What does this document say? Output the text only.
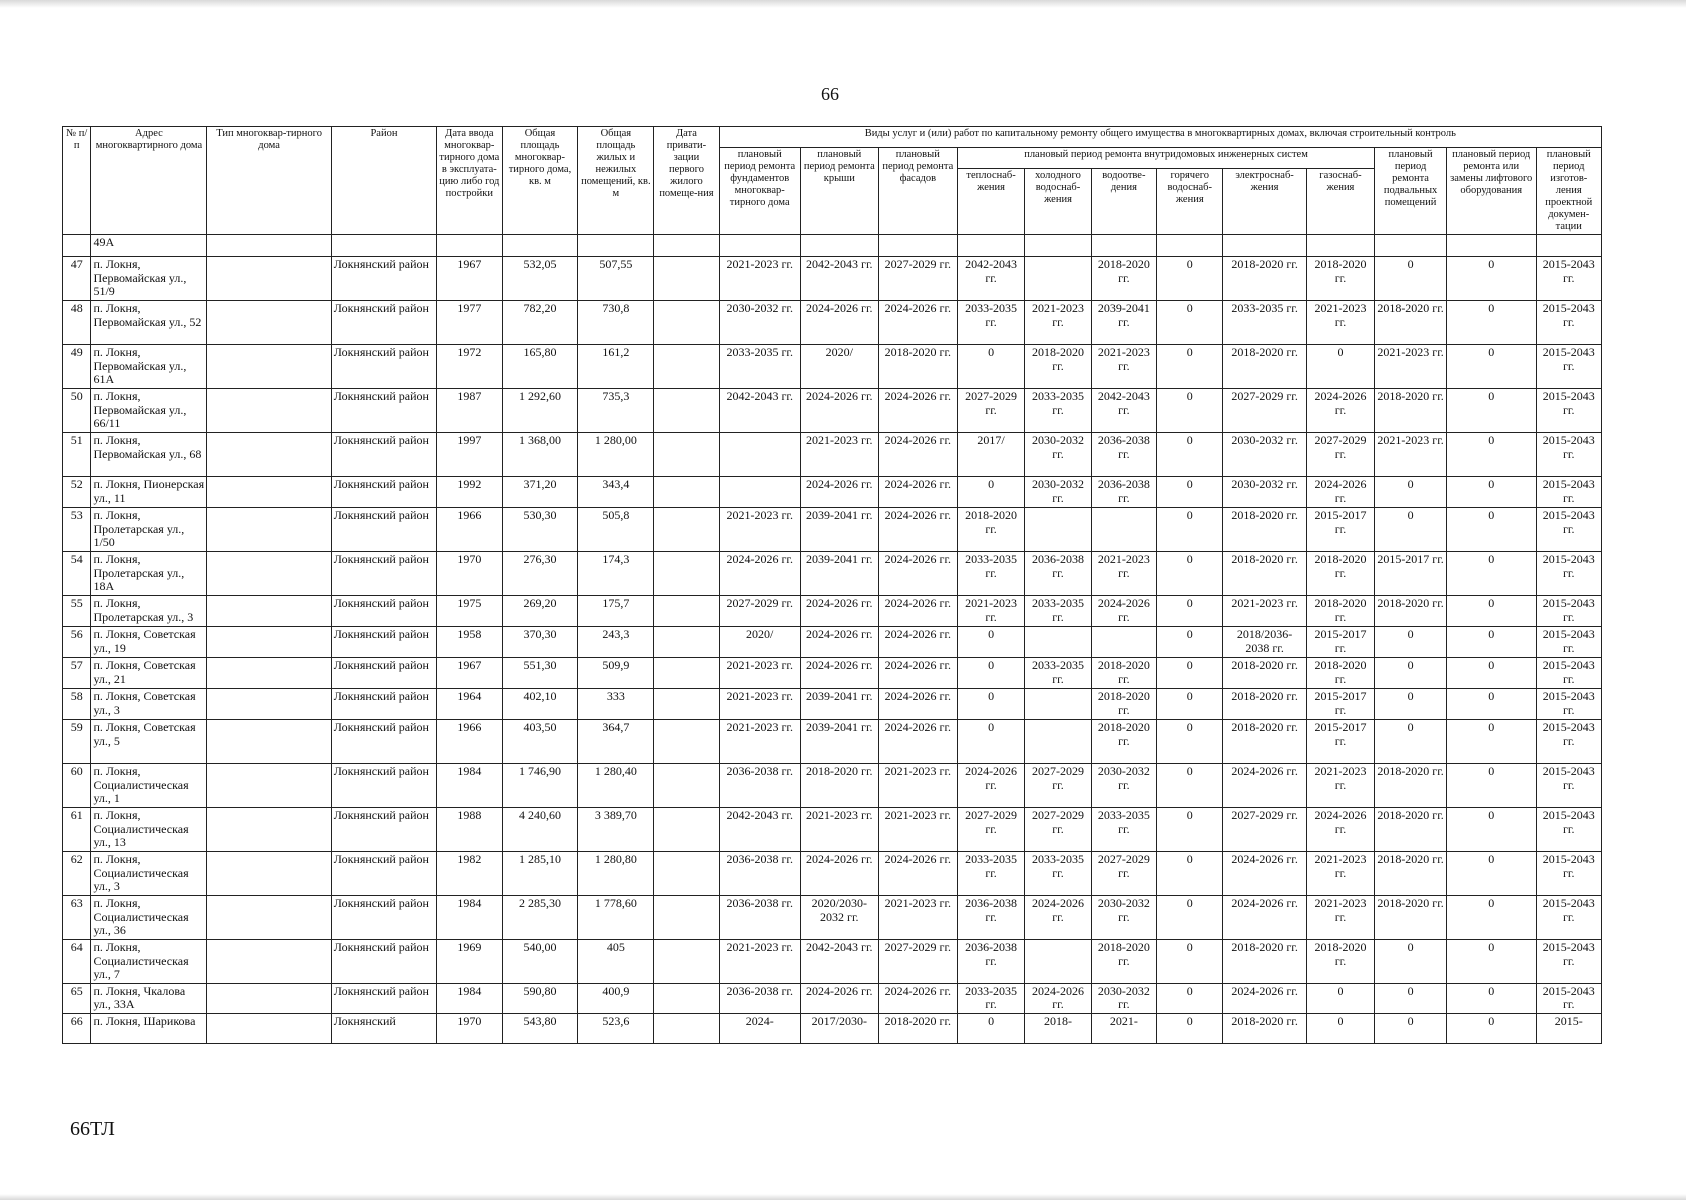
66
№ п/п	Адрес многоквартирного дома	Тип многоквар-тирного дома	Район	Дата ввода многоквар-тирного дома в эксплуата-цию либо год постройки	Общая площадь многоквар-тирного дома, кв. м	Общая площадь жилых и нежилых помещений, кв. м	Дата привати-зации первого жилого помеще-ния	Виды услуг и (или) работ по капитальному ремонту общего имущества в многоквартирных домах, включая строительный контроль											
								плановый период ремонта фундаментов многоквар-тирного дома	плановый период ремонта крыши	плановый период ремонта фасадов	плановый период ремонта внутридомовых инженерных систем						плановый период ремонта подвальных помещений	плановый период ремонта или замены лифтового оборудования	плановый период изготов-ления проектной докумен-тации
											теплоснаб-жения	холодного водоснаб-жения	водоотве-дения	горячего водоснаб-жения	электроснаб-жения	газоснаб-жения			
	49А																		
47	п. Локня, Первомайская ул., 51/9		Локнянский район	1967	532,05	507,55		2021-2023 гг.	2042-2043 гг.	2027-2029 гг.	2042-2043 гг.		2018-2020 гг.	0	2018-2020 гг.	2018-2020 гг.	0	0	2015-2043 гг.
48	п. Локня, Первомайская ул., 52		Локнянский район	1977	782,20	730,8		2030-2032 гг.	2024-2026 гг.	2024-2026 гг.	2033-2035 гг.	2021-2023 гг.	2039-2041 гг.	0	2033-2035 гг.	2021-2023 гг.	2018-2020 гг.	0	2015-2043 гг.
49	п. Локня, Первомайская ул., 61А		Локнянский район	1972	165,80	161,2		2033-2035 гг.	2020/	2018-2020 гг.	0	2018-2020 гг.	2021-2023 гг.	0	2018-2020 гг.	0	2021-2023 гг.	0	2015-2043 гг.
50	п. Локня, Первомайская ул., 66/11		Локнянский район	1987	1 292,60	735,3		2042-2043 гг.	2024-2026 гг.	2024-2026 гг.	2027-2029 гг.	2033-2035 гг.	2042-2043 гг.	0	2027-2029 гг.	2024-2026 гг.	2018-2020 гг.	0	2015-2043 гг.
51	п. Локня, Первомайская ул., 68		Локнянский район	1997	1 368,00	1 280,00			2021-2023 гг.	2024-2026 гг.	2017/	2030-2032 гг.	2036-2038 гг.	0	2030-2032 гг.	2027-2029 гг.	2021-2023 гг.	0	2015-2043 гг.
52	п. Локня, Пионерская ул., 11		Локнянский район	1992	371,20	343,4			2024-2026 гг.	2024-2026 гг.	0	2030-2032 гг.	2036-2038 гг.	0	2030-2032 гг.	2024-2026 гг.	0	0	2015-2043 гг.
53	п. Локня, Пролетарская ул., 1/50		Локнянский район	1966	530,30	505,8		2021-2023 гг.	2039-2041 гг.	2024-2026 гг.	2018-2020 гг.			0	2018-2020 гг.	2015-2017 гг.	0	0	2015-2043 гг.
54	п. Локня, Пролетарская ул., 18А		Локнянский район	1970	276,30	174,3		2024-2026 гг.	2039-2041 гг.	2024-2026 гг.	2033-2035 гг.	2036-2038 гг.	2021-2023 гг.	0	2018-2020 гг.	2018-2020 гг.	2015-2017 гг.	0	2015-2043 гг.
55	п. Локня, Пролетарская ул., 3		Локнянский район	1975	269,20	175,7		2027-2029 гг.	2024-2026 гг.	2024-2026 гг.	2021-2023 гг.	2033-2035 гг.	2024-2026 гг.	0	2021-2023 гг.	2018-2020 гг.	2018-2020 гг.	0	2015-2043 гг.
56	п. Локня, Советская ул., 19		Локнянский район	1958	370,30	243,3		2020/	2024-2026 гг.	2024-2026 гг.	0			0	2018/2036-2038 гг.	2015-2017 гг.	0	0	2015-2043 гг.
57	п. Локня, Советская ул., 21		Локнянский район	1967	551,30	509,9		2021-2023 гг.	2024-2026 гг.	2024-2026 гг.	0	2033-2035 гг.	2018-2020 гг.	0	2018-2020 гг.	2018-2020 гг.	0	0	2015-2043 гг.
58	п. Локня, Советская ул., 3		Локнянский район	1964	402,10	333		2021-2023 гг.	2039-2041 гг.	2024-2026 гг.	0		2018-2020 гг.	0	2018-2020 гг.	2015-2017 гг.	0	0	2015-2043 гг.
59	п. Локня, Советская ул., 5		Локнянский район	1966	403,50	364,7		2021-2023 гг.	2039-2041 гг.	2024-2026 гг.	0		2018-2020 гг.	0	2018-2020 гг.	2015-2017 гг.	0	0	2015-2043 гг.
60	п. Локня, Социалистическая ул., 1		Локнянский район	1984	1 746,90	1 280,40		2036-2038 гг.	2018-2020 гг.	2021-2023 гг.	2024-2026 гг.	2027-2029 гг.	2030-2032 гг.	0	2024-2026 гг.	2021-2023 гг.	2018-2020 гг.	0	2015-2043 гг.
61	п. Локня, Социалистическая ул., 13		Локнянский район	1988	4 240,60	3 389,70		2042-2043 гг.	2021-2023 гг.	2021-2023 гг.	2027-2029 гг.	2027-2029 гг.	2033-2035 гг.	0	2027-2029 гг.	2024-2026 гг.	2018-2020 гг.	0	2015-2043 гг.
62	п. Локня, Социалистическая ул., 3		Локнянский район	1982	1 285,10	1 280,80		2036-2038 гг.	2024-2026 гг.	2024-2026 гг.	2033-2035 гг.	2033-2035 гг.	2027-2029 гг.	0	2024-2026 гг.	2021-2023 гг.	2018-2020 гг.	0	2015-2043 гг.
63	п. Локня, Социалистическая ул., 36		Локнянский район	1984	2 285,30	1 778,60		2036-2038 гг.	2020/2030-2032 гг.	2021-2023 гг.	2036-2038 гг.	2024-2026 гг.	2030-2032 гг.	0	2024-2026 гг.	2021-2023 гг.	2018-2020 гг.	0	2015-2043 гг.
64	п. Локня, Социалистическая ул., 7		Локнянский район	1969	540,00	405		2021-2023 гг.	2042-2043 гг.	2027-2029 гг.	2036-2038 гг.		2018-2020 гг.	0	2018-2020 гг.	2018-2020 гг.	0	0	2015-2043 гг.
65	п. Локня, Чкалова ул., 33А		Локнянский район	1984	590,80	400,9		2036-2038 гг.	2024-2026 гг.	2024-2026 гг.	2033-2035 гг.	2024-2026 гг.	2030-2032 гг.	0	2024-2026 гг.	0	0	0	2015-2043 гг.
66	п. Локня, Шарикова		Локнянский	1970	543,80	523,6		2024-	2017/2030-	2018-2020 гг.	0	2018-	2021-	0	2018-2020 гг.	0	0	0	2015-
66ТЛ
